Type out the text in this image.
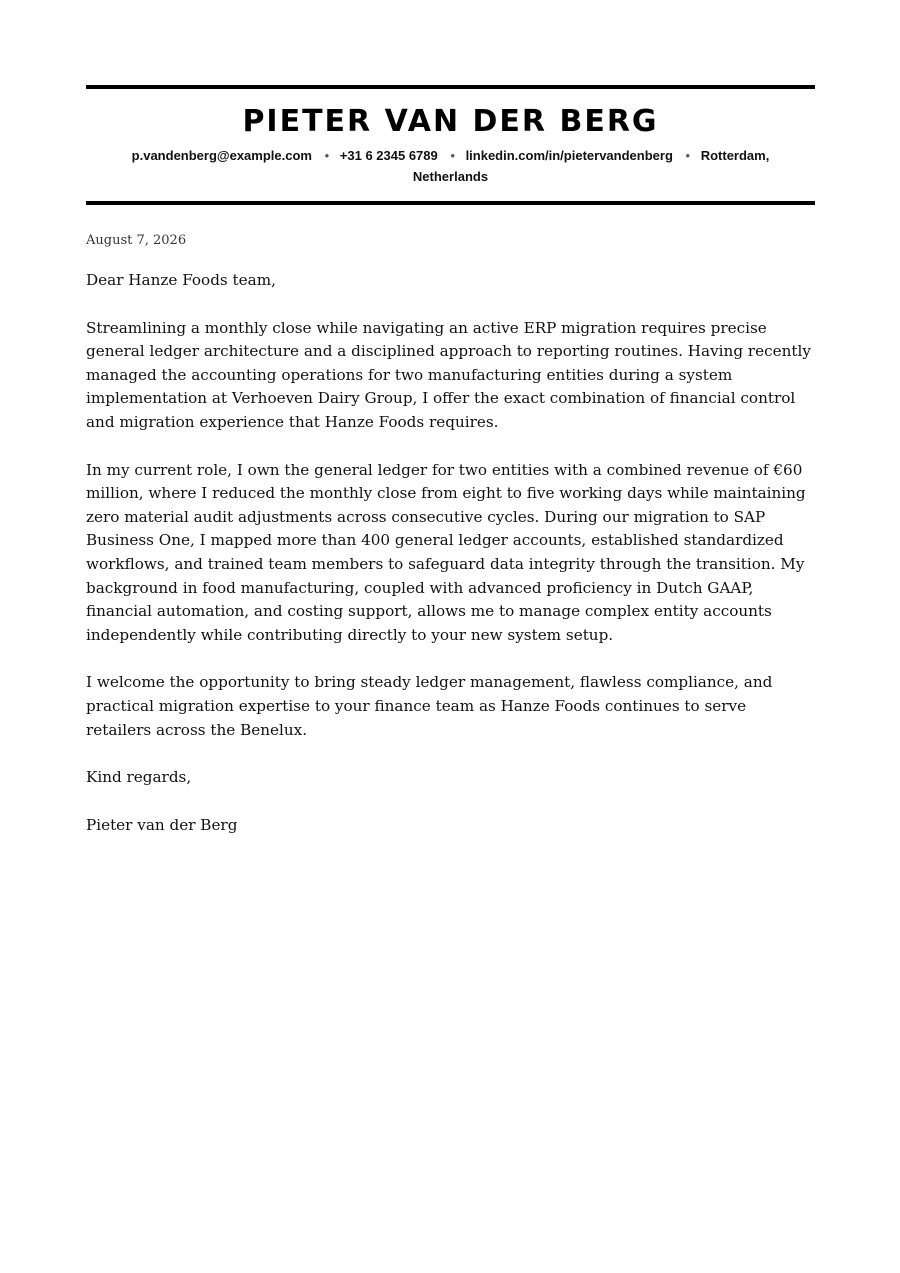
PIETER VAN DER BERG
p.vandenberg@example.com • +31 6 2345 6789 • linkedin.com/in/pietervandenberg • Rotterdam, Netherlands
August 7, 2026
Dear Hanze Foods team,

Streamlining a monthly close while navigating an active ERP migration requires precise general ledger architecture and a disciplined approach to reporting routines. Having recently managed the accounting operations for two manufacturing entities during a system implementation at Verhoeven Dairy Group, I offer the exact combination of financial control and migration experience that Hanze Foods requires.

In my current role, I own the general ledger for two entities with a combined revenue of €60 million, where I reduced the monthly close from eight to five working days while maintaining zero material audit adjustments across consecutive cycles. During our migration to SAP Business One, I mapped more than 400 general ledger accounts, established standardized workflows, and trained team members to safeguard data integrity through the transition. My background in food manufacturing, coupled with advanced proficiency in Dutch GAAP, financial automation, and costing support, allows me to manage complex entity accounts independently while contributing directly to your new system setup.

I welcome the opportunity to bring steady ledger management, flawless compliance, and practical migration expertise to your finance team as Hanze Foods continues to serve retailers across the Benelux.

Kind regards,
Pieter van der Berg
